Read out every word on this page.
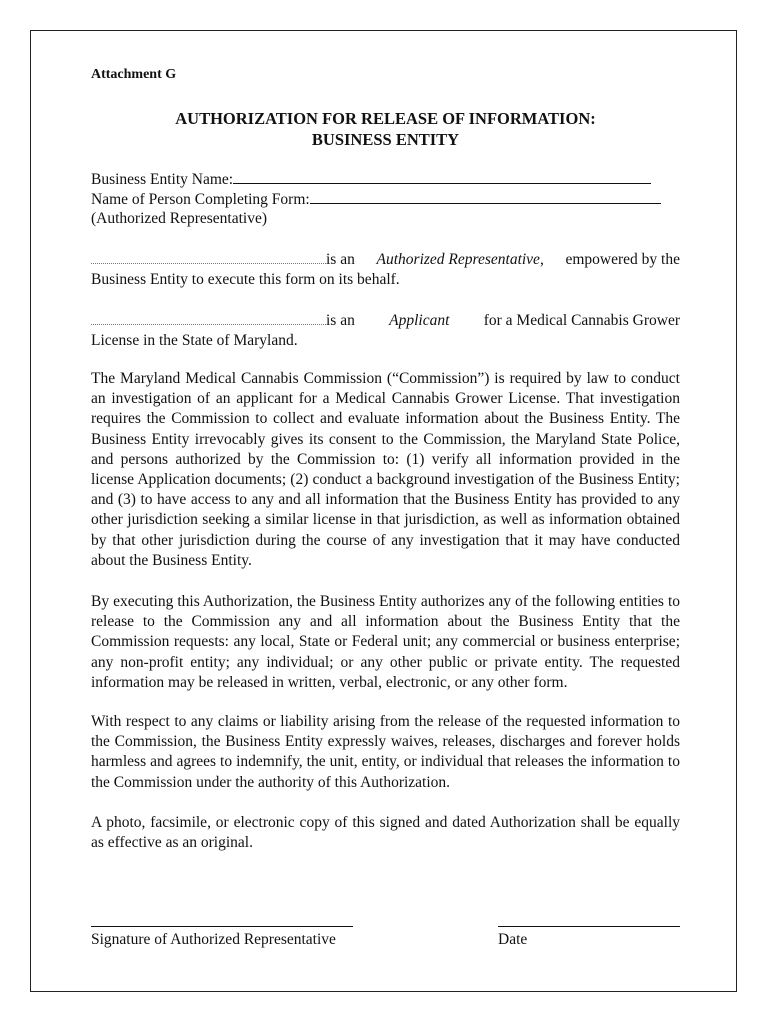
Attachment G
AUTHORIZATION FOR RELEASE OF INFORMATION:
BUSINESS ENTITY
Business Entity Name:
Name of Person Completing Form:
(Authorized Representative)
is an Authorized Representative, empowered by the
Business Entity to execute this form on its behalf.
is an Applicant for a Medical Cannabis Grower
License in the State of Maryland.
The Maryland Medical Cannabis Commission (“Commission”) is required by law to conduct an investigation of an applicant for a Medical Cannabis Grower License. That investigation requires the Commission to collect and evaluate information about the Business Entity. The Business Entity irrevocably gives its consent to the Commission, the Maryland State Police, and persons authorized by the Commission to: (1) verify all information provided in the license Application documents; (2) conduct a background investigation of the Business Entity; and (3) to have access to any and all information that the Business Entity has provided to any other jurisdiction seeking a similar license in that jurisdiction, as well as information obtained by that other jurisdiction during the course of any investigation that it may have conducted about the Business Entity.
By executing this Authorization, the Business Entity authorizes any of the following entities to release to the Commission any and all information about the Business Entity that the Commission requests: any local, State or Federal unit; any commercial or business enterprise; any non-profit entity; any individual; or any other public or private entity. The requested information may be released in written, verbal, electronic, or any other form.
With respect to any claims or liability arising from the release of the requested information to the Commission, the Business Entity expressly waives, releases, discharges and forever holds harmless and agrees to indemnify, the unit, entity, or individual that releases the information to the Commission under the authority of this Authorization.
A photo, facsimile, or electronic copy of this signed and dated Authorization shall be equally as effective as an original.
Signature of Authorized Representative	Date
